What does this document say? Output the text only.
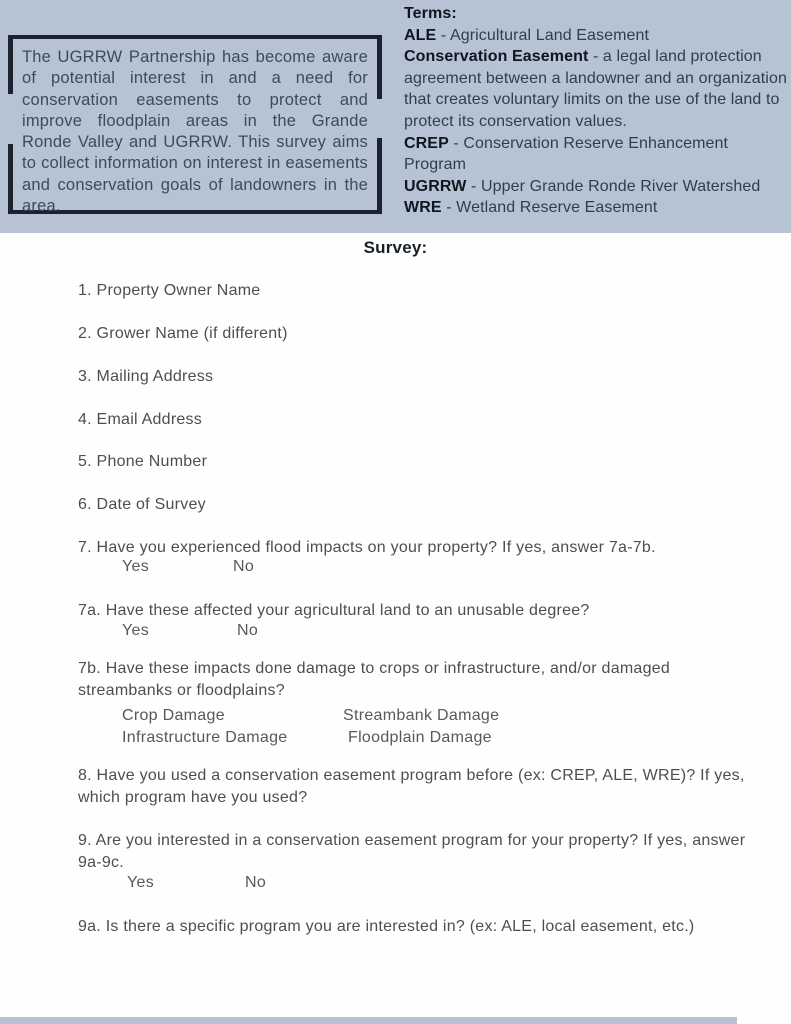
The UGRRW Partnership has become aware of potential interest in and a need for conservation easements to protect and improve floodplain areas in the Grande Ronde Valley and UGRRW. This survey aims to collect information on interest in easements and conservation goals of landowners in the area.
Terms:
ALE - Agricultural Land Easement
Conservation Easement - a legal land protection agreement between a landowner and an organization that creates voluntary limits on the use of the land to protect its conservation values.
CREP - Conservation Reserve Enhancement Program
UGRRW - Upper Grande Ronde River Watershed
WRE - Wetland Reserve Easement
Survey:
1. Property Owner Name
2. Grower Name (if different)
3. Mailing Address
4. Email Address
5. Phone Number
6. Date of Survey
7. Have you experienced flood impacts on your property? If yes, answer 7a-7b.
Yes	No
7a. Have these affected your agricultural land to an unusable degree?
Yes	No
7b. Have these impacts done damage to crops or infrastructure, and/or damaged streambanks or floodplains?
Crop Damage	Streambank Damage
Infrastructure Damage	Floodplain Damage
8. Have you used a conservation easement program before (ex: CREP, ALE, WRE)? If yes, which program have you used?
9. Are you interested in a conservation easement program for your property? If yes, answer 9a-9c.
Yes	No
9a. Is there a specific program you are interested in? (ex: ALE, local easement, etc.)
